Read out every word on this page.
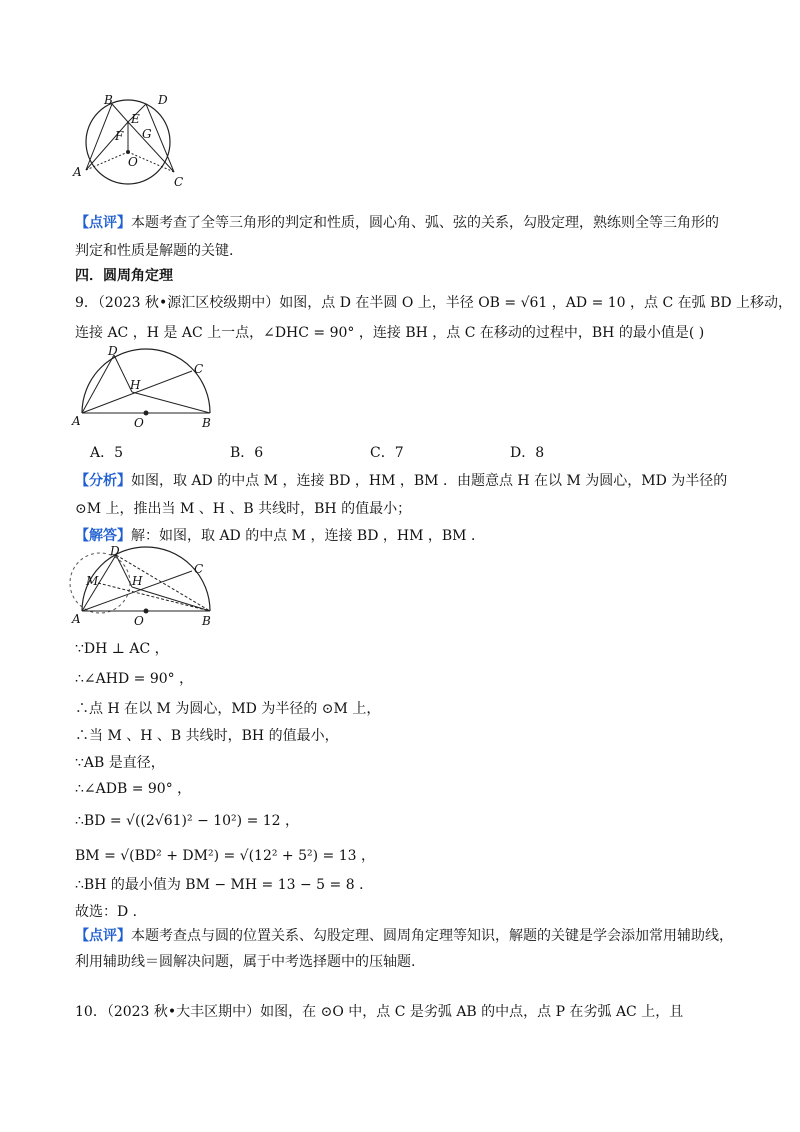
B	D
E
F G
O
A
C
【点评】本题考查了全等三角形的判定和性质，圆心角、弧、弦的关系，勾股定理，熟练则全等三角形的
判定和性质是解题的关键.
四．圆周角定理
9．（2023 秋•源汇区校级期中）如图，点 D 在半圆 O 上，半径 OB = √61 ，AD = 10 ，点 C 在弧 BD 上移动，
连接 AC ，H 是 AC 上一点，∠DHC = 90° ，连接 BH ，点 C 在移动的过程中，BH 的最小值是( )
D
C
H
A	O	B
A．5	B．6	C．7	D．8
【分析】如图，取 AD 的中点 M ，连接 BD ，HM ，BM ．由题意点 H 在以 M 为圆心，MD 为半径的
⊙M 上，推出当 M 、H 、B 共线时，BH 的值最小；
【解答】解：如图，取 AD 的中点 M ，连接 BD ，HM ，BM ．
D
C
M	H
A	O	B
∵DH ⊥ AC ，
∴∠AHD = 90° ，
∴点 H 在以 M 为圆心，MD 为半径的 ⊙M 上，
∴当 M 、H 、B 共线时，BH 的值最小，
∵AB 是直径，
∴∠ADB = 90° ，
∴BD = √((2√61)² − 10²) = 12 ，
BM = √(BD² + DM²) = √(12² + 5²) = 13 ，
∴BH 的最小值为 BM − MH = 13 − 5 = 8 ．
故选：D ．
【点评】本题考查点与圆的位置关系、勾股定理、圆周角定理等知识，解题的关键是学会添加常用辅助线，
利用辅助线＝圆解决问题，属于中考选择题中的压轴题.
10．（2023 秋•大丰区期中）如图，在 ⊙O 中，点 C 是劣弧 AB 的中点，点 P 在劣弧 AC 上，且
